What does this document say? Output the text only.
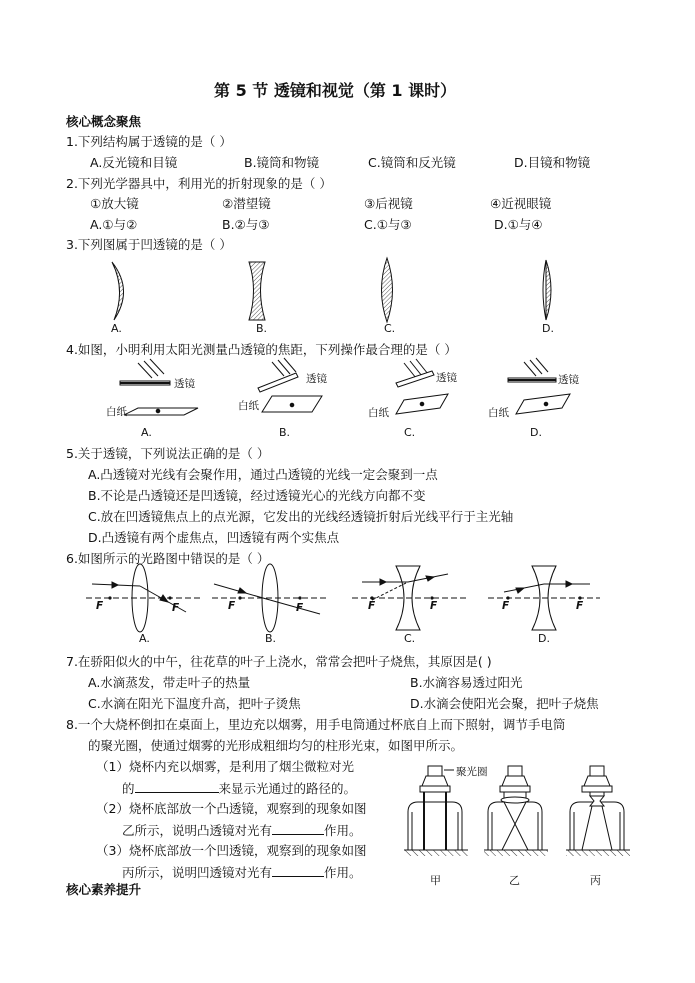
第 5 节 透镜和视觉（第 1 课时）
核心概念聚焦
1.下列结构属于透镜的是（ ）
A.反光镜和目镜	B.镜筒和物镜	C.镜筒和反光镜	D.目镜和物镜
2.下列光学器具中，利用光的折射现象的是（ ）
①放大镜	②潜望镜	③后视镜	④近视眼镜
A.①与②	B.②与③	C.①与③	D.①与④
3.下列图属于凹透镜的是（ ）
A.	B.	C.	D.
4.如图，小明利用太阳光测量凸透镜的焦距，下列操作最合理的是（ ）
透镜
白纸
透镜
白纸
透镜
白纸
透镜
白纸
A.	B.	C.	D.
5.关于透镜，下列说法正确的是（ ）
A.凸透镜对光线有会聚作用，通过凸透镜的光线一定会聚到一点
B.不论是凸透镜还是凹透镜，经过透镜光心的光线方向都不变
C.放在凹透镜焦点上的点光源，它发出的光线经透镜折射后光线平行于主光轴
D.凸透镜有两个虚焦点，凹透镜有两个实焦点
6.如图所示的光路图中错误的是（ ）
F	F	F	F	F	F	F	F
A.	B.	C.	D.
7.在骄阳似火的中午，往花草的叶子上浇水，常常会把叶子烧焦，其原因是( )
A.水滴蒸发，带走叶子的热量	B.水滴容易透过阳光
C.水滴在阳光下温度升高，把叶子烫焦	D.水滴会使阳光会聚，把叶子烧焦
8.一个大烧杯倒扣在桌面上，里边充以烟雾，用手电筒通过杯底自上而下照射，调节手电筒
的聚光圈，使通过烟雾的光形成粗细均匀的柱形光束，如图甲所示。
（1）烧杯内充以烟雾，是利用了烟尘微粒对光
的	来显示光通过的路径的。
（2）烧杯底部放一个凸透镜，观察到的现象如图
乙所示，说明凸透镜对光有	作用。
（3）烧杯底部放一个凹透镜，观察到的现象如图
丙所示，说明凹透镜对光有	作用。
聚光圈
甲	乙	丙
核心素养提升
